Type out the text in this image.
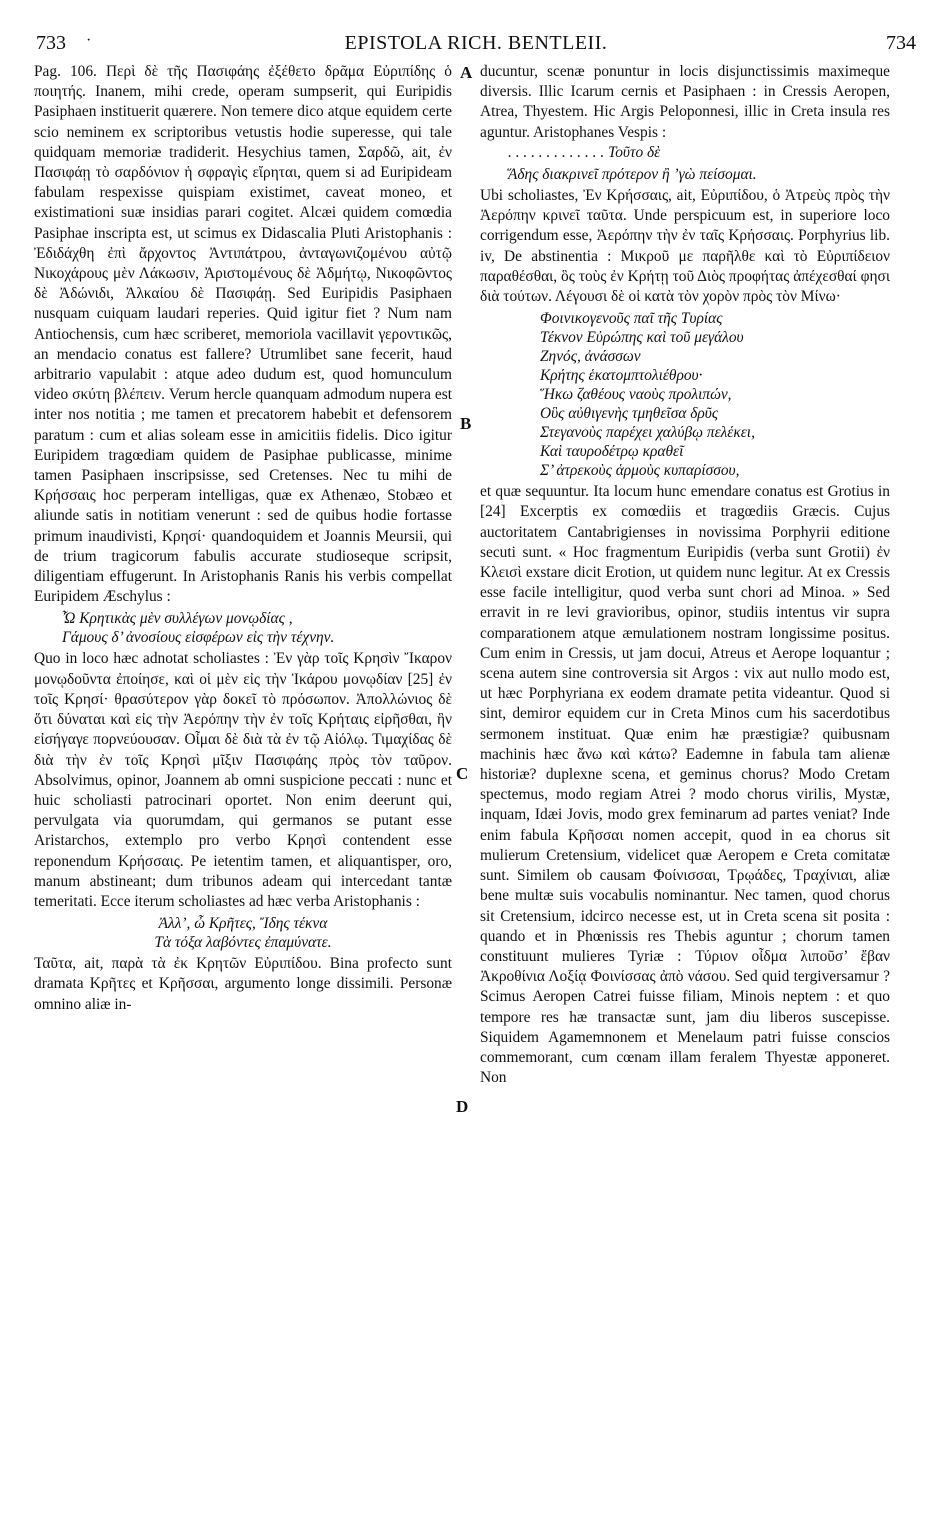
733 ·	EPISTOLA RICH. BENTLEII.	734

Pag. 106. Περὶ δὲ τῆς Πασιφάης ἐξέθετο δρᾶμα Εὐριπίδης ὁ ποιητής. Inanem, mihi crede, operam sumpserit, qui Euripidis Pasiphaen instituerit quærere. Non temere dico atque equidem certe scio neminem ex scriptoribus vetustis hodie superesse, qui tale quidquam memoriæ tradiderit. Hesychius tamen, Σαρδῶ, ait, ἐν Πασιφάῃ τὸ σαρδόνιον ἡ σφραγὶς εἴρηται, quem si ad Euripideam fabulam respexisse quispiam existimet, caveat moneo, et existimationi suæ insidias parari cogitet. Alcæi quidem comœdia Pasiphae inscripta est, ut scimus ex Didascalia Pluti Aristophanis : Ἐδιδάχθη ἐπὶ ἄρχοντος Ἀντιπάτρου, ἀνταγωνιζομένου αὐτῷ Νικοχάρους μὲν Λάκωσιν, Ἀριστομένους δὲ Ἀδμήτῳ, Νικοφῶντος δὲ Ἀδώνιδι, Ἀλκαίου δὲ Πασιφάῃ. Sed Euripidis Pasiphaen nusquam cuiquam laudari reperies. Quid igitur fiet ? Num nam Antiochensis, cum hæc scriberet, memoriola vacillavit γεροντικῶς, an mendacio conatus est fallere? Utrumlibet sane fecerit, haud arbitrario vapulabit : atque adeo dudum est, quod homunculum video σκύτη βλέπειν. Verum hercle quanquam admodum nupera est inter nos notitia ; me tamen et precatorem habebit et defensorem paratum : cum et alias soleam esse in amicitiis fidelis. Dico igitur Euripidem tragœdiam quidem de Pasiphae publicasse, minime tamen Pasiphaen inscripsisse, sed Cretenses. Nec tu mihi de Κρήσσαις hoc perperam intelligas, quæ ex Athenæo, Stobæo et aliunde satis in notitiam venerunt : sed de quibus hodie fortasse primum inaudivisti, Κρησί· quandoquidem et Joannis Meursii, qui de trium tragicorum fabulis accurate studioseque scripsit, diligentiam effugerunt. In Aristophanis Ranis his verbis compellat Euripidem Æschylus :

Ὦ Κρητικὰς μὲν συλλέγων μονῳδίας ,
Γάμους δ’ ἀνοσίους εἰσφέρων εἰς τὴν τέχνην.

Quo in loco hæc adnotat scholiastes : Ἐν γὰρ τοῖς Κρησὶν Ἴκαρον μονῳδοῦντα ἐποίησε, καὶ οἱ μὲν εἰς τὴν Ἰκάρου μονῳδίαν [25] ἐν τοῖς Κρησί· θρασύτερον γὰρ δοκεῖ τὸ πρόσωπον. Ἀπολλώνιος δὲ ὅτι δύναται καὶ εἰς τὴν Ἀερόπην τὴν ἐν τοῖς Κρήταις εἰρῆσθαι, ἣν εἰσήγαγε πορνεύουσαν. Οἶμαι δὲ διὰ τὰ ἐν τῷ Αἰόλῳ. Τιμαχίδας δὲ διὰ τὴν ἐν τοῖς Κρησὶ μῖξιν Πασιφάης πρὸς τὸν ταῦρον. Absolvimus, opinor, Joannem ab omni suspicione peccati : nunc et huic scholiasti patrocinari oportet. Non enim deerunt qui, pervulgata via quorumdam, qui germanos se putant esse Aristarchos, extemplo pro verbo Κρησὶ contendent esse reponendum Κρήσσαις. Pe ietentim tamen, et aliquantisper, oro, manum abstineant; dum tribunos adeam qui intercedant tantæ temeritati. Ecce iterum scholiastes ad hæc verba Aristophanis :

Ἀλλ’, ὦ Κρῆτες, Ἴδης τέκνα
Τὰ τόξα λαβόντες ἐπαμύνατε.

Ταῦτα, ait, παρὰ τὰ ἐκ Κρητῶν Εὐριπίδου. Bina profecto sunt dramata Κρῆτες et Κρῆσσαι, argumento longe dissimili. Personæ omnino aliæ in-

ducuntur, scenæ ponuntur in locis disjunctissimis maximeque diversis. Illic Icarum cernis et Pasiphaen : in Cressis Aeropen, Atrea, Thyestem. Hic Argis Peloponnesi, illic in Creta insula res aguntur. Aristophanes Vespis :

. . . . . . . . . . . . . Τοῦτο δὲ
Ἅδης διακρινεῖ πρότερον ἢ ’γὼ πείσομαι.

Ubi scholiastes, Ἐν Κρήσσαις, ait, Εὐριπίδου, ὁ Ἀτρεὺς πρὸς τὴν Ἀερόπην κρινεῖ ταῦτα. Unde perspicuum est, in superiore loco corrigendum esse, Ἀερόπην τὴν ἐν ταῖς Κρήσσαις. Porphyrius lib. iv, De abstinentia : Μικροῦ με παρῆλθε καὶ τὸ Εὐριπίδειον παραθέσθαι, ὃς τοὺς ἐν Κρήτῃ τοῦ Διὸς προφήτας ἀπέχεσθαί φησι διὰ τούτων. Λέγουσι δὲ οἱ κατὰ τὸν χορὸν πρὸς τὸν Μίνω·

Φοινικογενοῦς παῖ τῆς Τυρίας
Τέκνον Εὐρώπης καὶ τοῦ μεγάλου
Ζηνός, ἀνάσσων
Κρήτης ἑκατομπτολιέθρου·
Ἥκω ζαθέους ναοὺς προλιπών,
Οὓς αὐθιγενὴς τμηθεῖσα δρῦς
Στεγανοὺς παρέχει χαλύβῳ πελέκει,
Καὶ ταυροδέτρῳ κραθεῖ
Σ’ ἀτρεκοὺς ἁρμοὺς κυπαρίσσου,

et quæ sequuntur. Ita locum hunc emendare conatus est Grotius in [24] Excerptis ex comœdiis et tragœdiis Græcis. Cujus auctoritatem Cantabrigienses in novissima Porphyrii editione secuti sunt. « Hoc fragmentum Euripidis (verba sunt Grotii) ἐν Κλεισὶ exstare dicit Erotion, ut quidem nunc legitur. At ex Cressis esse facile intelligitur, quod verba sunt chori ad Minoa. » Sed erravit in re levi gravioribus, opinor, studiis intentus vir supra comparationem atque æmulationem nostram longissime positus. Cum enim in Cressis, ut jam docui, Atreus et Aerope loquantur ; scena autem sine controversia sit Argos : vix aut nullo modo est, ut hæc Porphyriana ex eodem dramate petita videantur. Quod si sint, demiror equidem cur in Creta Minos cum his sacerdotibus sermonem instituat. Quæ enim hæ præstigiæ? quibusnam machinis hæc ἄνω καὶ κάτω? Eademne in fabula tam alienæ historiæ? duplexne scena, et geminus chorus? Modo Cretam spectemus, modo regiam Atrei ? modo chorus virilis, Mystæ, inquam, Idæi Jovis, modo grex feminarum ad partes veniat? Inde enim fabula Κρῆσσαι nomen accepit, quod in ea chorus sit mulierum Cretensium, videlicet quæ Aeropem e Creta comitatæ sunt. Similem ob causam Φοίνισσαι, Τρῳάδες, Τραχίνιαι, aliæ bene multæ suis vocabulis nominantur. Nec tamen, quod chorus sit Cretensium, idcirco necesse est, ut in Creta scena sit posita : quando et in Phœnissis res Thebis aguntur ; chorum tamen constituunt mulieres Tyriæ : Τύριον οἶδμα λιποῦσ’ ἔβαν Ἀκροθίνια Λοξίᾳ Φοινίσσας ἀπὸ νάσου. Sed quid tergiversamur ? Scimus Aeropen Catrei fuisse filiam, Minois neptem : et quo tempore res hæ transactæ sunt, jam diu liberos suscepisse. Siquidem Agamemnonem et Menelaum patri fuisse conscios commemorant, cum cœnam illam feralem Thyestæ apponeret. Non

A
B
C
D
